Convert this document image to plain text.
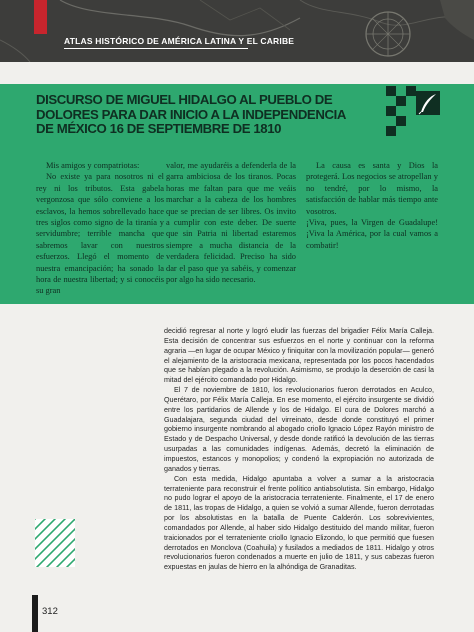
ATLAS HISTÓRICO DE AMÉRICA LATINA Y EL CARIBE
DISCURSO DE MIGUEL HIDALGO AL PUEBLO DE DOLORES PARA DAR INICIO A LA INDEPENDENCIA DE MÉXICO 16 DE SEPTIEMBRE DE 1810

Mis amigos y compatriotas:

No existe ya para nosotros ni el rey ni los tributos. Esta gabela vergonzosa que sólo conviene a los esclavos, la hemos sobrellevado hace tres siglos como signo de la tiranía y servidumbre; terrible mancha que sabremos lavar con nuestros esfuerzos. Llegó el momento de nuestra emancipación; ha sonado la hora de nuestra libertad; y si conocéis su gran

valor, me ayudaréis a defenderla de la garra ambiciosa de los tiranos. Pocas horas me faltan para que me veáis marchar a la cabeza de los hombres que se precian de ser libres. Os invito a cumplir con este deber. De suerte que sin Patria ni libertad estaremos siempre a mucha distancia de la verdadera felicidad. Preciso ha sido dar el paso que ya sabéis, y comenzar por algo ha sido necesario.

La causa es santa y Dios la protegerá. Los negocios se atropellan y no tendré, por lo mismo, la satisfacción de hablar más tiempo ante vosotros.

¡Viva, pues, la Virgen de Guadalupe! ¡Viva la América, por la cual vamos a combatir!

decidió regresar al norte y logró eludir las fuerzas del brigadier Félix María Calleja. Esta decisión de concentrar sus esfuerzos en el norte y continuar con la reforma agraria —en lugar de ocupar México y finiquitar con la movilización popular— generó el alejamiento de la aristocracia mexicana, representada por los pocos hacendados que se habían plegado a la revolución. Asimismo, se produjo la deserción de casi la mitad del ejército comandado por Hidalgo.

El 7 de noviembre de 1810, los revolucionarios fueron derrotados en Aculco, Querétaro, por Félix María Calleja. En ese momento, el ejército insurgente se dividió entre los partidarios de Allende y los de Hidalgo. El cura de Dolores marchó a Guadalajara, segunda ciudad del virreinato, desde donde constituyó el primer gobierno insurgente nombrando al abogado criollo Ignacio López Rayón ministro de Estado y de Despacho Universal, y desde donde ratificó la devolución de las tierras usurpadas a las comunidades indígenas. Además, decretó la eliminación de impuestos, estancos y monopolios; y condenó la expropiación no autorizada de ganados y tierras.

Con esta medida, Hidalgo apuntaba a volver a sumar a la aristocracia terrateniente para reconstruir el frente político antiabsolutista. Sin embargo, Hidalgo no pudo lograr el apoyo de la aristocracia terrateniente. Finalmente, el 17 de enero de 1811, las tropas de Hidalgo, a quien se volvió a sumar Allende, fueron derrotadas por los absolutistas en la batalla de Puente Calderón. Los sobrevivientes, comandados por Allende, al haber sido Hidalgo destituido del mando militar, fueron traicionados por el terrateniente criollo Ignacio Elizondo, lo que permitió que fuesen derrotados en Monclova (Coahuila) y fusilados a mediados de 1811. Hidalgo y otros revolucionarios fueron condenados a muerte en julio de 1811, y sus cabezas fueron expuestas en jaulas de hierro en la alhóndiga de Granaditas.

312
